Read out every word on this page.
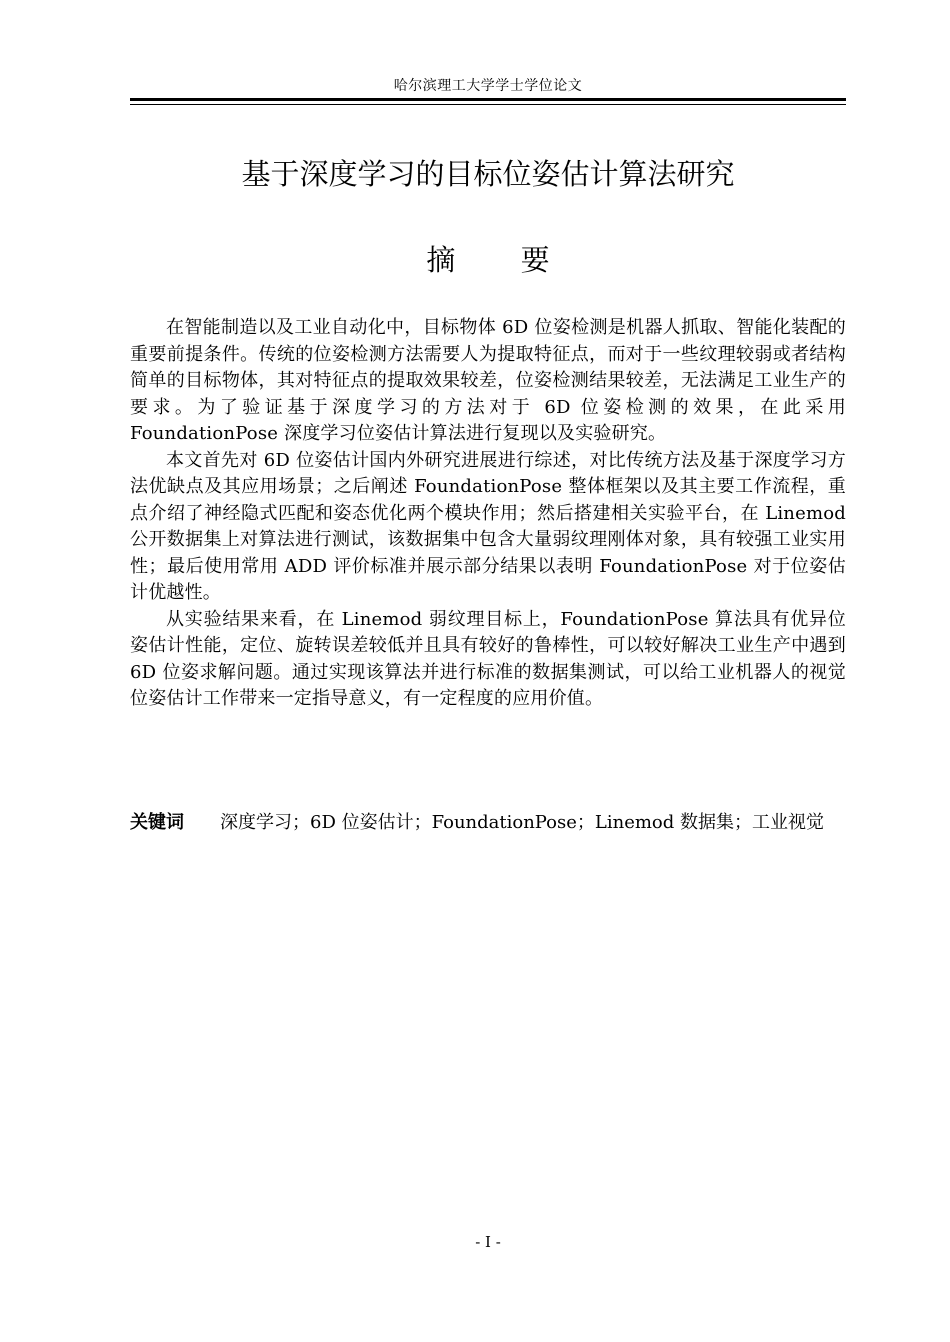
哈尔滨理工大学学士学位论文
基于深度学习的目标位姿估计算法研究
摘 要

在智能制造以及工业自动化中，目标物体 6D 位姿检测是机器人抓取、智能化装配的重要前提条件。传统的位姿检测方法需要人为提取特征点，而对于一些纹理较弱或者结构简单的目标物体，其对特征点的提取效果较差，位姿检测结果较差，无法满足工业生产的要求。为了验证基于深度学习的方法对于 6D 位姿检测的效果，在此采用 FoundationPose 深度学习位姿估计算法进行复现以及实验研究。

本文首先对 6D 位姿估计国内外研究进展进行综述，对比传统方法及基于深度学习方法优缺点及其应用场景；之后阐述 FoundationPose 整体框架以及其主要工作流程，重点介绍了神经隐式匹配和姿态优化两个模块作用；然后搭建相关实验平台，在 Linemod 公开数据集上对算法进行测试，该数据集中包含大量弱纹理刚体对象，具有较强工业实用性；最后使用常用 ADD 评价标准并展示部分结果以表明 FoundationPose 对于位姿估计优越性。

从实验结果来看，在 Linemod 弱纹理目标上，FoundationPose 算法具有优异位姿估计性能，定位、旋转误差较低并且具有较好的鲁棒性，可以较好解决工业生产中遇到 6D 位姿求解问题。通过实现该算法并进行标准的数据集测试，可以给工业机器人的视觉位姿估计工作带来一定指导意义，有一定程度的应用价值。

关键词	深度学习；6D 位姿估计；FoundationPose；Linemod 数据集；工业视觉
- I -
